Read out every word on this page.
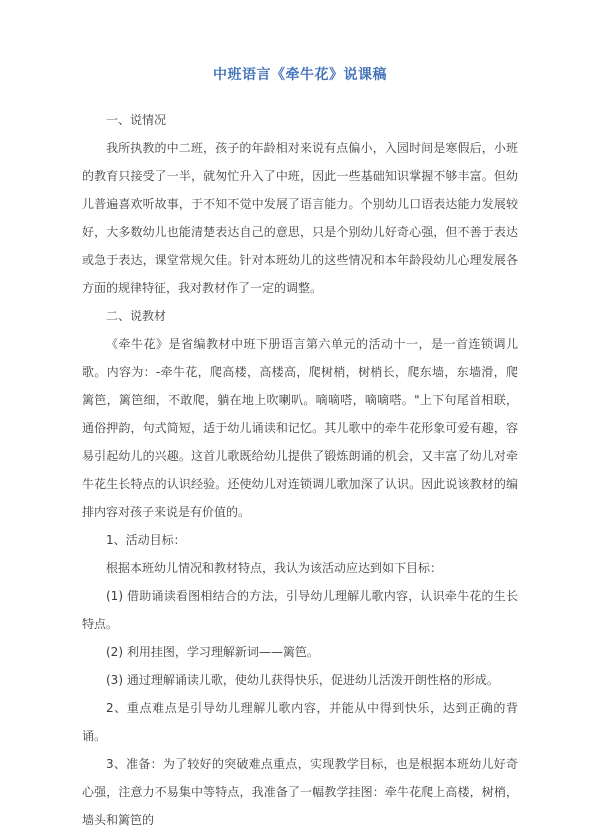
中班语言《牵牛花》说课稿

一、说情况

我所执教的中二班，孩子的年龄相对来说有点偏小，入园时间是寒假后，小班的教育只接受了一半，就匆忙升入了中班，因此一些基础知识掌握不够丰富。但幼儿普遍喜欢听故事，于不知不觉中发展了语言能力。个别幼儿口语表达能力发展较好，大多数幼儿也能清楚表达自己的意思，只是个别幼儿好奇心强，但不善于表达或急于表达，课堂常规欠佳。针对本班幼儿的这些情况和本年龄段幼儿心理发展各方面的规律特征，我对教材作了一定的调整。

二、说教材

《牵牛花》是省编教材中班下册语言第六单元的活动十一，是一首连锁调儿歌。内容为：-牵牛花，爬高楼，高楼高，爬树梢，树梢长，爬东墙，东墙滑，爬篱笆，篱笆细，不敢爬，躺在地上吹喇叭。嘀嘀嗒，嘀嘀嗒。"上下句尾首相联，通俗押韵，句式简短，适于幼儿诵读和记忆。其儿歌中的牵牛花形象可爱有趣，容易引起幼儿的兴趣。这首儿歌既给幼儿提供了锻炼朗诵的机会，又丰富了幼儿对牵牛花生长特点的认识经验。还使幼儿对连锁调儿歌加深了认识。因此说该教材的编排内容对孩子来说是有价值的。

1、活动目标：

根据本班幼儿情况和教材特点，我认为该活动应达到如下目标：

(1) 借助诵读看图相结合的方法，引导幼儿理解儿歌内容，认识牵牛花的生长特点。

(2) 利用挂图，学习理解新词——篱笆。

(3) 通过理解诵读儿歌，使幼儿获得快乐，促进幼儿活泼开朗性格的形成。

2、重点难点是引导幼儿理解儿歌内容，并能从中得到快乐，达到正确的背诵。

3、准备：为了较好的突破难点重点，实现教学目标，也是根据本班幼儿好奇心强，注意力不易集中等特点，我准备了一幅教学挂图：牵牛花爬上高楼，树梢，墙头和篱笆的
